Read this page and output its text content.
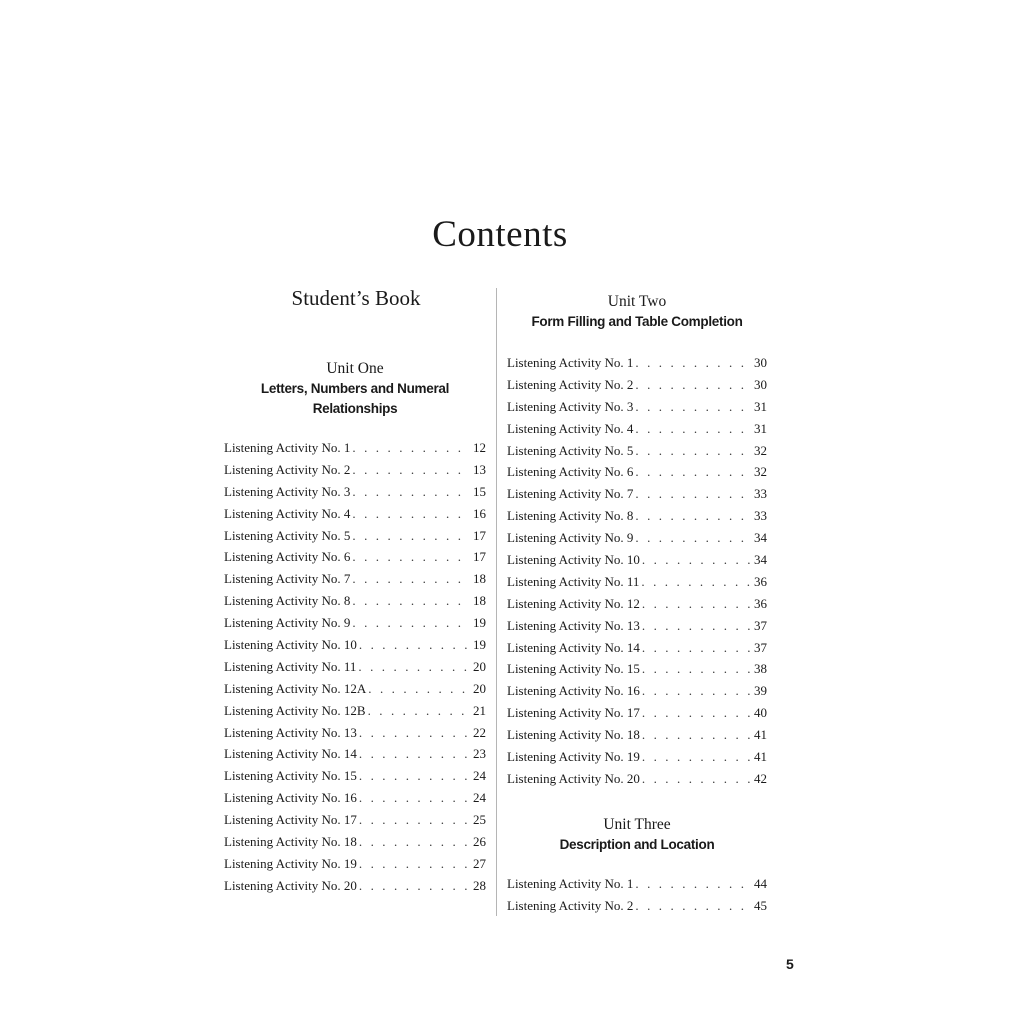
Contents
Student’s Book
Unit One
Letters, Numbers and Numeral Relationships
Listening Activity No. 1 . . .	12
Listening Activity No. 2 . . .	13
Listening Activity No. 3 . . .	15
Listening Activity No. 4 . . .	16
Listening Activity No. 5 . . .	17
Listening Activity No. 6 . . .	17
Listening Activity No. 7 . . .	18
Listening Activity No. 8 . . .	18
Listening Activity No. 9 . . .	19
Listening Activity No. 10 . . .	19
Listening Activity No. 11 . . .	20
Listening Activity No. 12A . . .	20
Listening Activity No. 12B . . .	21
Listening Activity No. 13 . . .	22
Listening Activity No. 14 . . .	23
Listening Activity No. 15 . . .	24
Listening Activity No. 16 . . .	24
Listening Activity No. 17 . . .	25
Listening Activity No. 18 . . .	26
Listening Activity No. 19 . . .	27
Listening Activity No. 20 . . .	28
Unit Two
Form Filling and Table Completion
Listening Activity No. 1 . . .	30
Listening Activity No. 2 . . .	30
Listening Activity No. 3 . . .	31
Listening Activity No. 4 . . .	31
Listening Activity No. 5 . . .	32
Listening Activity No. 6 . . .	32
Listening Activity No. 7 . . .	33
Listening Activity No. 8 . . .	33
Listening Activity No. 9 . . .	34
Listening Activity No. 10 . . .	34
Listening Activity No. 11 . . .	36
Listening Activity No. 12 . . .	36
Listening Activity No. 13 . . .	37
Listening Activity No. 14 . . .	37
Listening Activity No. 15 . . .	38
Listening Activity No. 16 . . .	39
Listening Activity No. 17 . . .	40
Listening Activity No. 18 . . .	41
Listening Activity No. 19 . . .	41
Listening Activity No. 20 . . .	42
Unit Three
Description and Location
Listening Activity No. 1 . . .	44
Listening Activity No. 2 . . .	45
5
